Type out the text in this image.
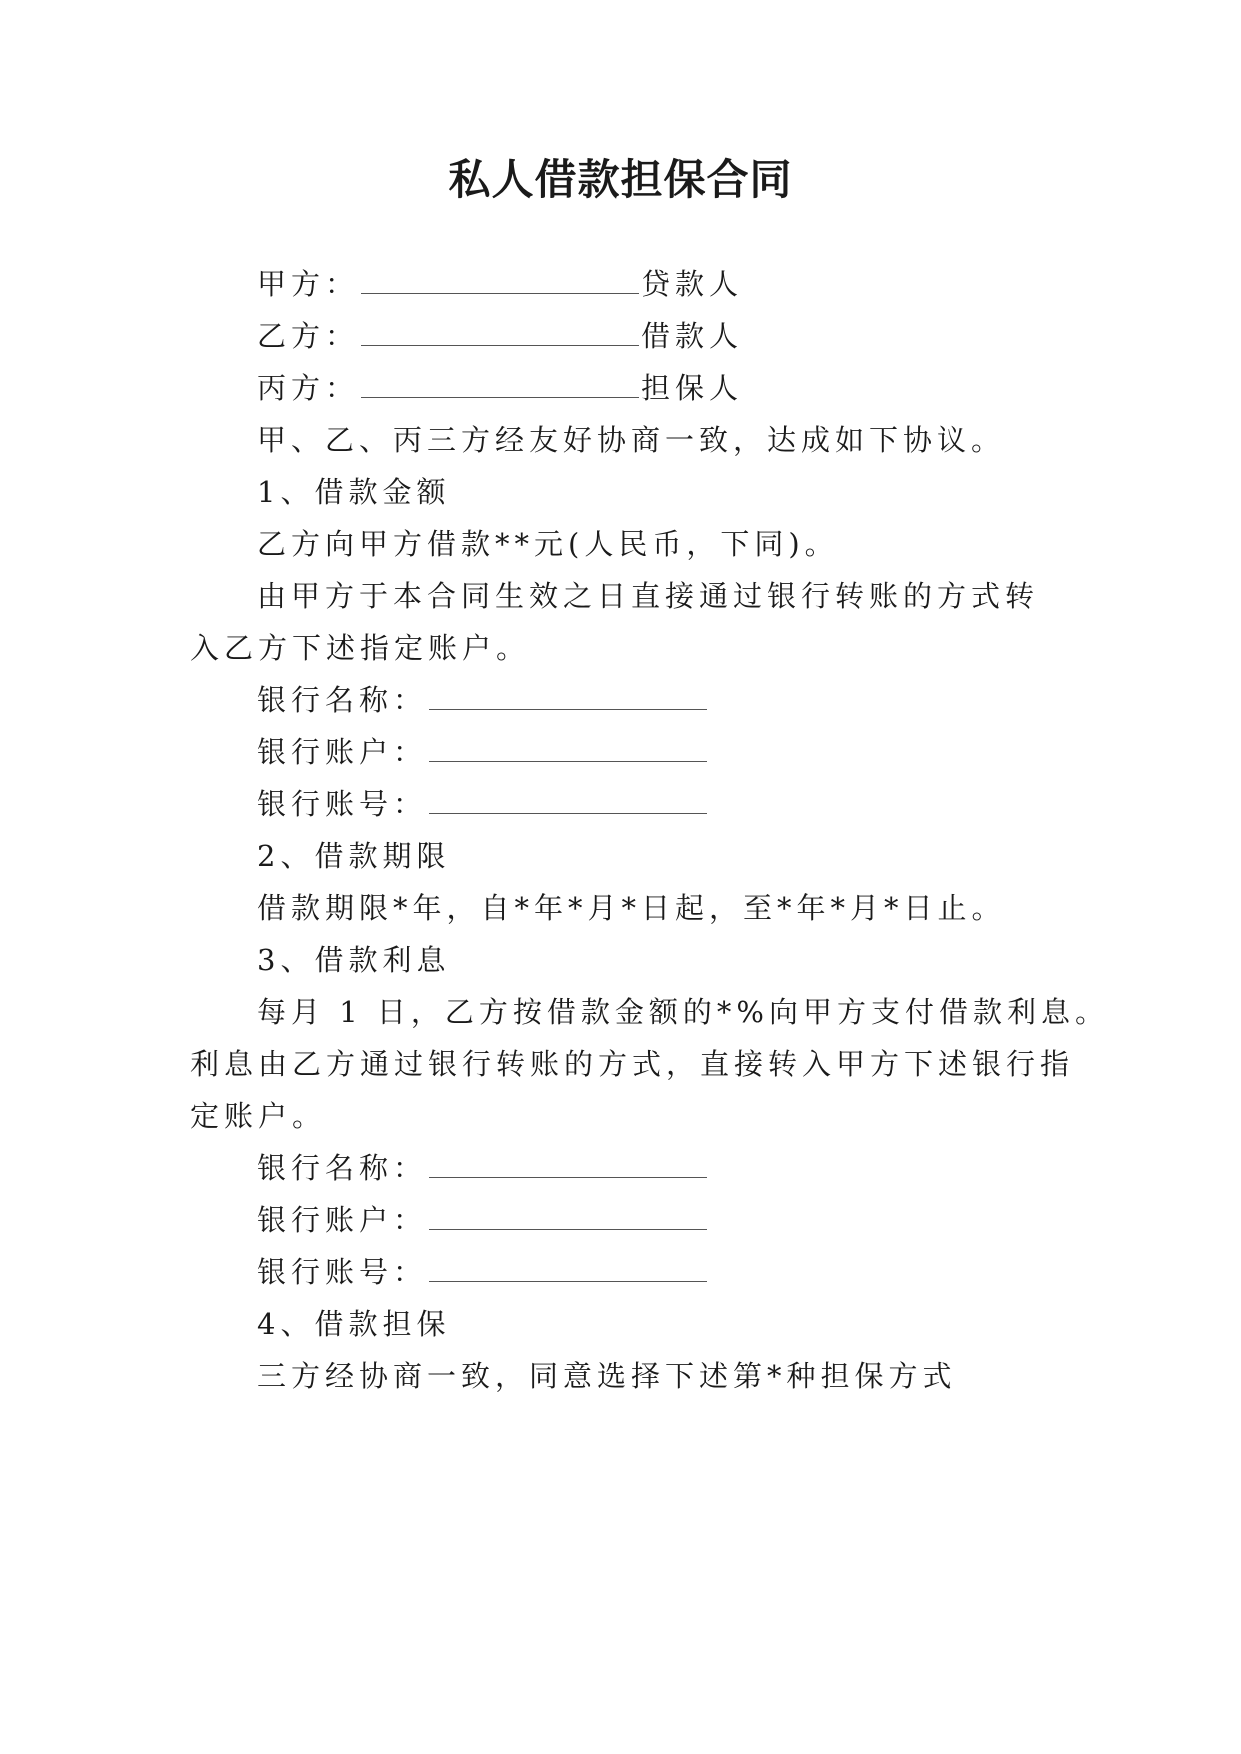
私人借款担保合同
甲方：	贷款人
乙方：	借款人
丙方：	担保人
甲、乙、丙三方经友好协商一致，达成如下协议。
1、借款金额
乙方向甲方借款**元(人民币，下同)。
由甲方于本合同生效之日直接通过银行转账的方式转
入乙方下述指定账户。
银行名称：
银行账户：
银行账号：
2、借款期限
借款期限*年，自*年*月*日起，至*年*月*日止。
3、借款利息
每月 1 日，乙方按借款金额的*%向甲方支付借款利息。
利息由乙方通过银行转账的方式，直接转入甲方下述银行指
定账户。
银行名称：
银行账户：
银行账号：
4、借款担保
三方经协商一致，同意选择下述第*种担保方式
